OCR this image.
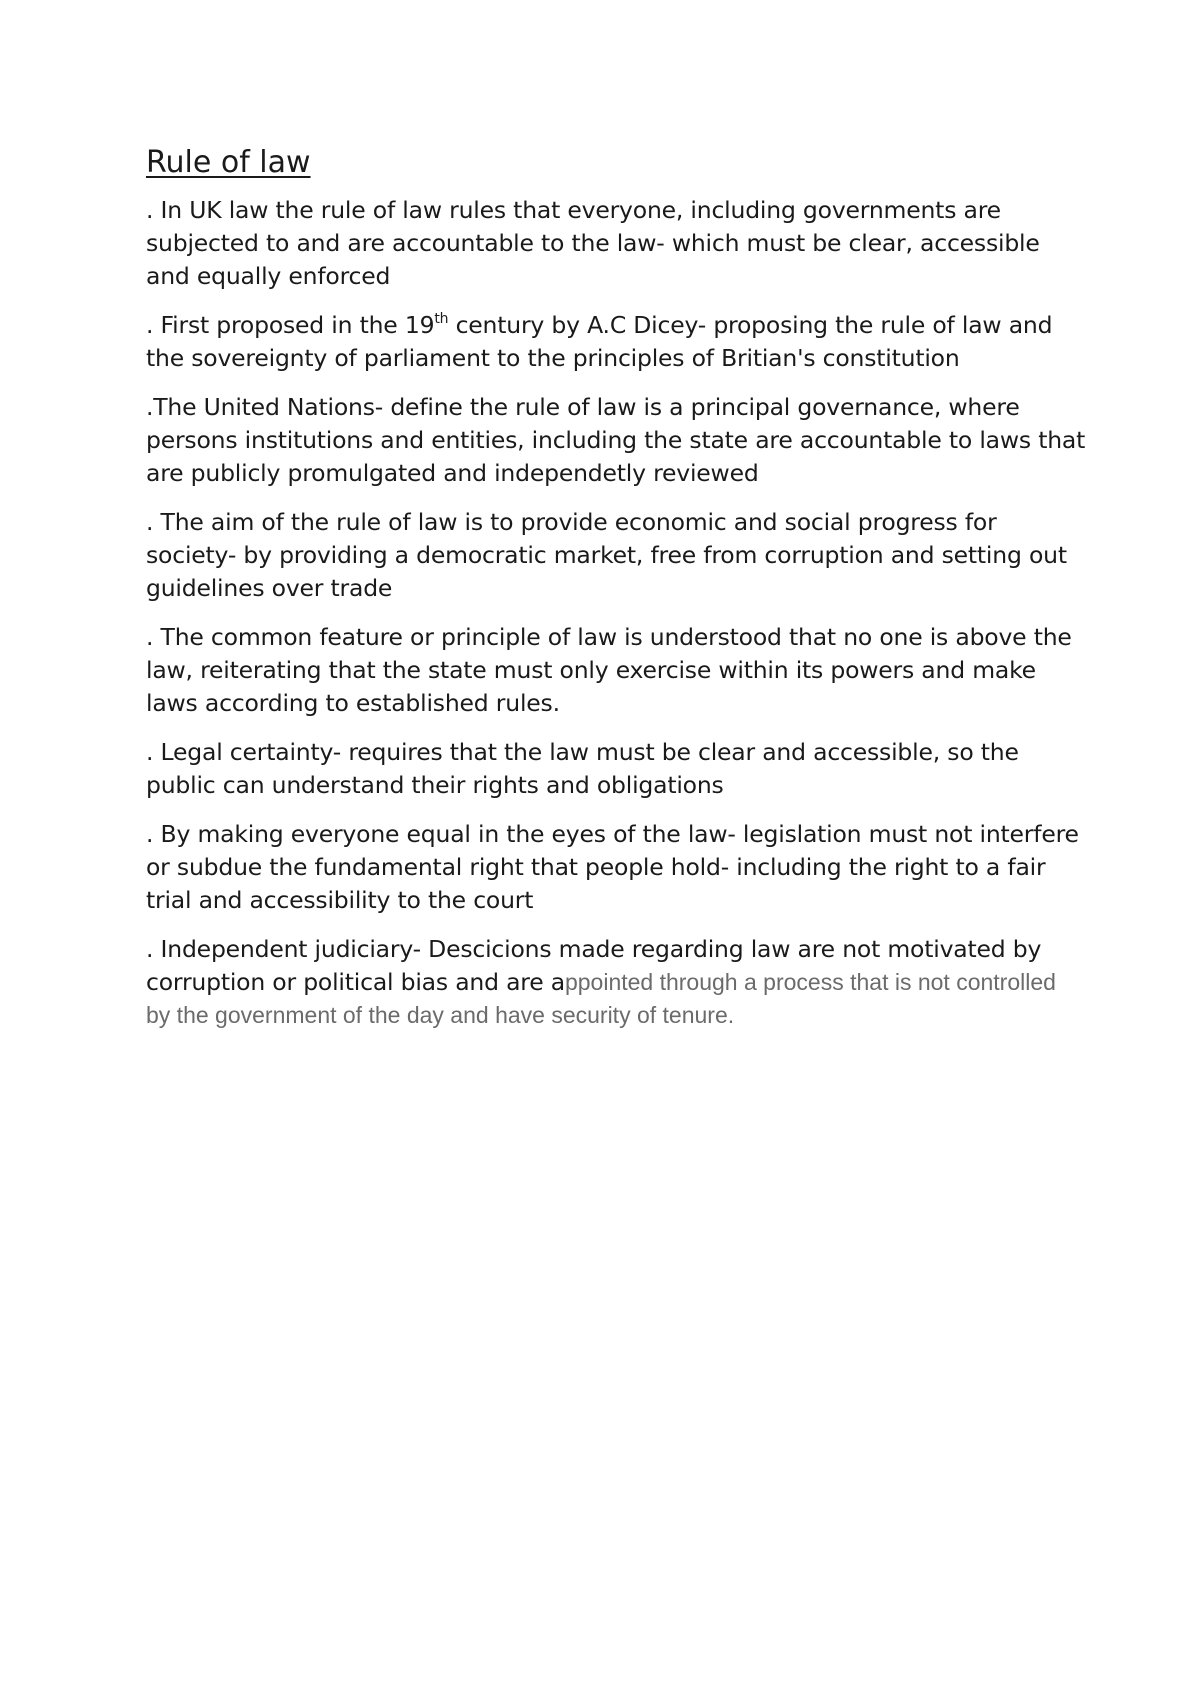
Rule of law

. In UK law the rule of law rules that everyone, including governments are subjected to and are accountable to the law- which must be clear, accessible and equally enforced

. First proposed in the 19th century by A.C Dicey- proposing the rule of law and the sovereignty of parliament to the principles of Britian's constitution

.The United Nations- define the rule of law is a principal governance, where persons institutions and entities, including the state are accountable to laws that are publicly promulgated and independetly reviewed

. The aim of the rule of law is to provide economic and social progress for society- by providing a democratic market, free from corruption and setting out guidelines over trade

. The common feature or principle of law is understood that no one is above the law, reiterating that the state must only exercise within its powers and make laws according to established rules.

. Legal certainty- requires that the law must be clear and accessible, so the public can understand their rights and obligations

. By making everyone equal in the eyes of the law- legislation must not interfere or subdue the fundamental right that people hold- including the right to a fair trial and accessibility to the court

. Independent judiciary- Descicions made regarding law are not motivated by corruption or political bias and are appointed through a process that is not controlled by the government of the day and have security of tenure.
